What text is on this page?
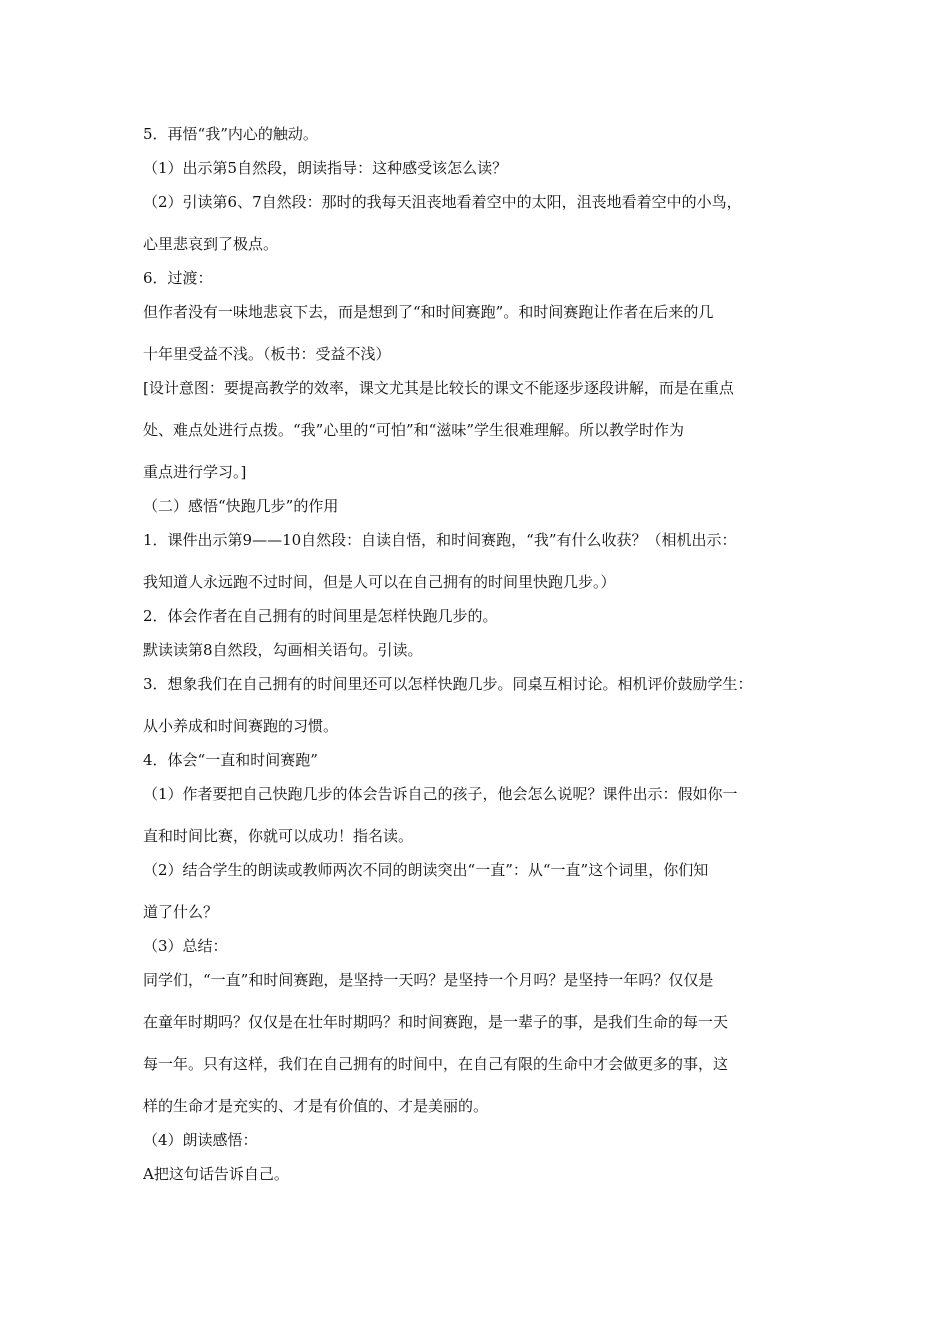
5．再悟“我”内心的触动。
（1）出示第5自然段，朗读指导：这种感受该怎么读？
（2）引读第6、7自然段：那时的我每天沮丧地看着空中的太阳，沮丧地看着空中的小鸟，
心里悲哀到了极点。
6．过渡：
但作者没有一味地悲哀下去，而是想到了“和时间赛跑”。和时间赛跑让作者在后来的几
十年里受益不浅。（板书：受益不浅）
[设计意图：要提高教学的效率，课文尤其是比较长的课文不能逐步逐段讲解，而是在重点
处、难点处进行点拨。“我”心里的“可怕”和“滋味”学生很难理解。所以教学时作为
重点进行学习。]
（二）感悟“快跑几步”的作用
1．课件出示第9——10自然段：自读自悟，和时间赛跑，“我”有什么收获？（相机出示：
我知道人永远跑不过时间，但是人可以在自己拥有的时间里快跑几步。）
2．体会作者在自己拥有的时间里是怎样快跑几步的。
默读读第8自然段，勾画相关语句。引读。
3．想象我们在自己拥有的时间里还可以怎样快跑几步。同桌互相讨论。相机评价鼓励学生：
从小养成和时间赛跑的习惯。
4．体会“一直和时间赛跑”
（1）作者要把自己快跑几步的体会告诉自己的孩子，他会怎么说呢？课件出示：假如你一
直和时间比赛，你就可以成功！指名读。
（2）结合学生的朗读或教师两次不同的朗读突出“一直”：从“一直”这个词里，你们知
道了什么？
（3）总结：
同学们，“一直”和时间赛跑，是坚持一天吗？是坚持一个月吗？是坚持一年吗？仅仅是
在童年时期吗？仅仅是在壮年时期吗？和时间赛跑，是一辈子的事，是我们生命的每一天
每一年。只有这样，我们在自己拥有的时间中，在自己有限的生命中才会做更多的事，这
样的生命才是充实的、才是有价值的、才是美丽的。
（4）朗读感悟：
A把这句话告诉自己。
